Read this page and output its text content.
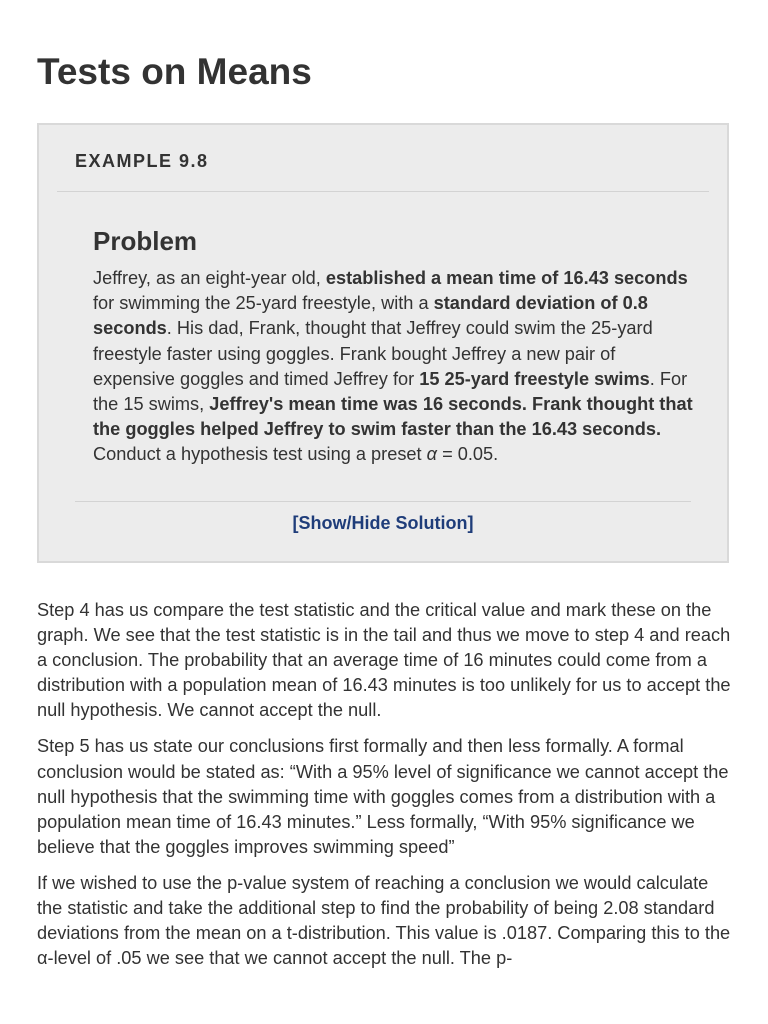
Tests on Means
EXAMPLE 9.8
Problem

Jeffrey, as an eight-year old, established a mean time of 16.43 seconds for swimming the 25-yard freestyle, with a standard deviation of 0.8 seconds. His dad, Frank, thought that Jeffrey could swim the 25-yard freestyle faster using goggles. Frank bought Jeffrey a new pair of expensive goggles and timed Jeffrey for 15 25-yard freestyle swims. For the 15 swims, Jeffrey's mean time was 16 seconds. Frank thought that the goggles helped Jeffrey to swim faster than the 16.43 seconds. Conduct a hypothesis test using a preset α = 0.05.

[Show/Hide Solution]

Step 4 has us compare the test statistic and the critical value and mark these on the graph. We see that the test statistic is in the tail and thus we move to step 4 and reach a conclusion. The probability that an average time of 16 minutes could come from a distribution with a population mean of 16.43 minutes is too unlikely for us to accept the null hypothesis. We cannot accept the null.

Step 5 has us state our conclusions first formally and then less formally. A formal conclusion would be stated as: “With a 95% level of significance we cannot accept the null hypothesis that the swimming time with goggles comes from a distribution with a population mean time of 16.43 minutes.” Less formally, “With 95% significance we believe that the goggles improves swimming speed”

If we wished to use the p-value system of reaching a conclusion we would calculate the statistic and take the additional step to find the probability of being 2.08 standard deviations from the mean on a t-distribution. This value is .0187. Comparing this to the α-level of .05 we see that we cannot accept the null. The p-
